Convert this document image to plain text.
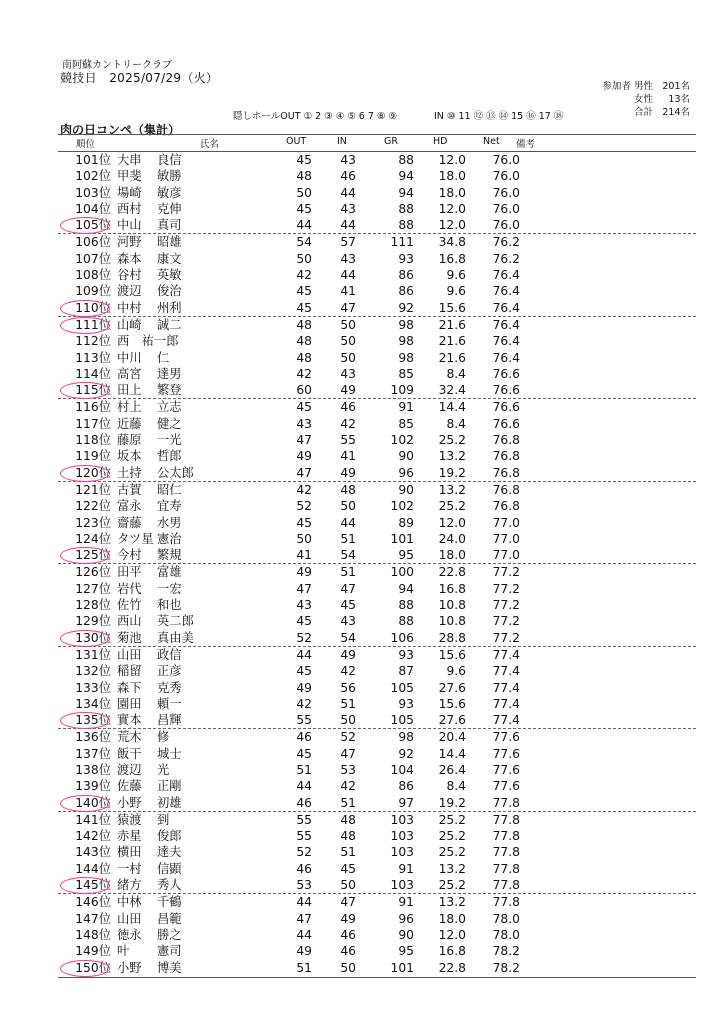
南阿蘇カントリークラブ
競技日　2025/07/29（火）
参加者 男性 201名
女性 13名
合計 214名
隠しホールOUT ① 2 ③ ④ ⑤ 6 7 ⑧ ⑨	IN ⑩ 11 ⑫ ⑬ ⑭ 15 ⑯ 17 ⑱
肉の日コンペ（集計）
順位	氏名	OUT	IN	GR	HD	Net 備考
101位 大串 良信	45	43	88	12.0	76.0
102位 甲斐 敏勝	48	46	94	18.0	76.0
103位 場崎 敏彦	50	44	94	18.0	76.0
104位 西村 克伸	45	43	88	12.0	76.0
105位 中山 真司	44	44	88	12.0	76.0
106位 河野 昭雄	54	57	111	34.8	76.2
107位 森本 康文	50	43	93	16.8	76.2
108位 谷村 英敏	42	44	86	9.6	76.4
109位 渡辺 俊治	45	41	86	9.6	76.4
110位 中村 州利	45	47	92	15.6	76.4
111位 山崎 誠二	48	50	98	21.6	76.4
112位 西　祐一郎	48	50	98	21.6	76.4
113位 中川 仁	48	50	98	21.6	76.4
114位 高宮 達男	42	43	85	8.4	76.6
115位 田上 繁登	60	49	109	32.4	76.6
116位 村上 立志	45	46	91	14.4	76.6
117位 近藤 健之	43	42	85	8.4	76.6
118位 藤原 一光	47	55	102	25.2	76.8
119位 坂本 哲郎	49	41	90	13.2	76.8
120位 土持 公太郎	47	49	96	19.2	76.8
121位 古賀 昭仁	42	48	90	13.2	76.8
122位 富永 宜寿	52	50	102	25.2	76.8
123位 齋藤 水男	45	44	89	12.0	77.0
124位 タツ星 憲治	50	51	101	24.0	77.0
125位 今村 繁規	41	54	95	18.0	77.0
126位 田平 富雄	49	51	100	22.8	77.2
127位 岩代 一宏	47	47	94	16.8	77.2
128位 佐竹 和也	43	45	88	10.8	77.2
129位 西山 英二郎	45	43	88	10.8	77.2
130位 菊池 真由美	52	54	106	28.8	77.2
131位 山田 政信	44	49	93	15.6	77.4
132位 稲留 正彦	45	42	87	9.6	77.4
133位 森下 克秀	49	56	105	27.6	77.4
134位 園田 頼一	42	51	93	15.6	77.4
135位 實本 昌輝	55	50	105	27.6	77.4
136位 荒木 修	46	52	98	20.4	77.6
137位 飯干 城士	45	47	92	14.4	77.6
138位 渡辺 光	51	53	104	26.4	77.6
139位 佐藤 正剛	44	42	86	8.4	77.6
140位 小野 初雄	46	51	97	19.2	77.8
141位 猿渡 到	55	48	103	25.2	77.8
142位 赤星 俊郎	55	48	103	25.2	77.8
143位 横田 達夫	52	51	103	25.2	77.8
144位 一村 信顕	46	45	91	13.2	77.8
145位 緒方 秀人	53	50	103	25.2	77.8
146位 中林 千鶴	44	47	91	13.2	77.8
147位 山田 昌範	47	49	96	18.0	78.0
148位 徳永 勝之	44	46	90	12.0	78.0
149位 叶 憲司	49	46	95	16.8	78.2
150位 小野 博美	51	50	101	22.8	78.2
